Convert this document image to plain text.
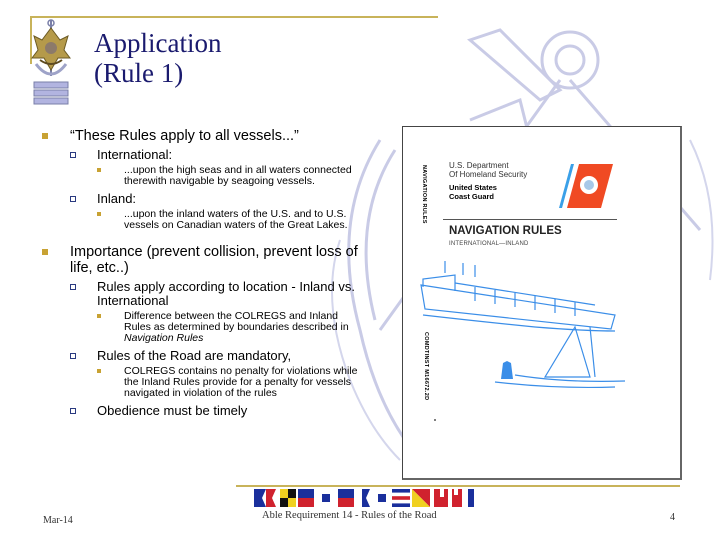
Application
(Rule 1)
“These Rules apply to all vessels...”
International:
...upon the high seas and in all waters connected therewith navigable by seagoing vessels.
Inland:
...upon the inland waters of the U.S. and to U.S. vessels on Canadian waters of the Great Lakes.
Importance (prevent collision, prevent loss of life, etc..)
Rules apply according to location - Inland vs. International
Difference between the COLREGS and Inland Rules as determined by boundaries described in Navigation Rules
Rules of the Road are mandatory,
COLREGS contains no penalty for violations while the Inland Rules provide for a penalty for vessels navigated in violation of the rules
Obedience must be timely
NAVIGATION RULES
COMDTINST M16672.2D
U.S. Department
Of Homeland Security
United States
Coast Guard
NAVIGATION RULES
INTERNATIONAL—INLAND
Mar-14	Able Requirement 14 - Rules of the Road	4
